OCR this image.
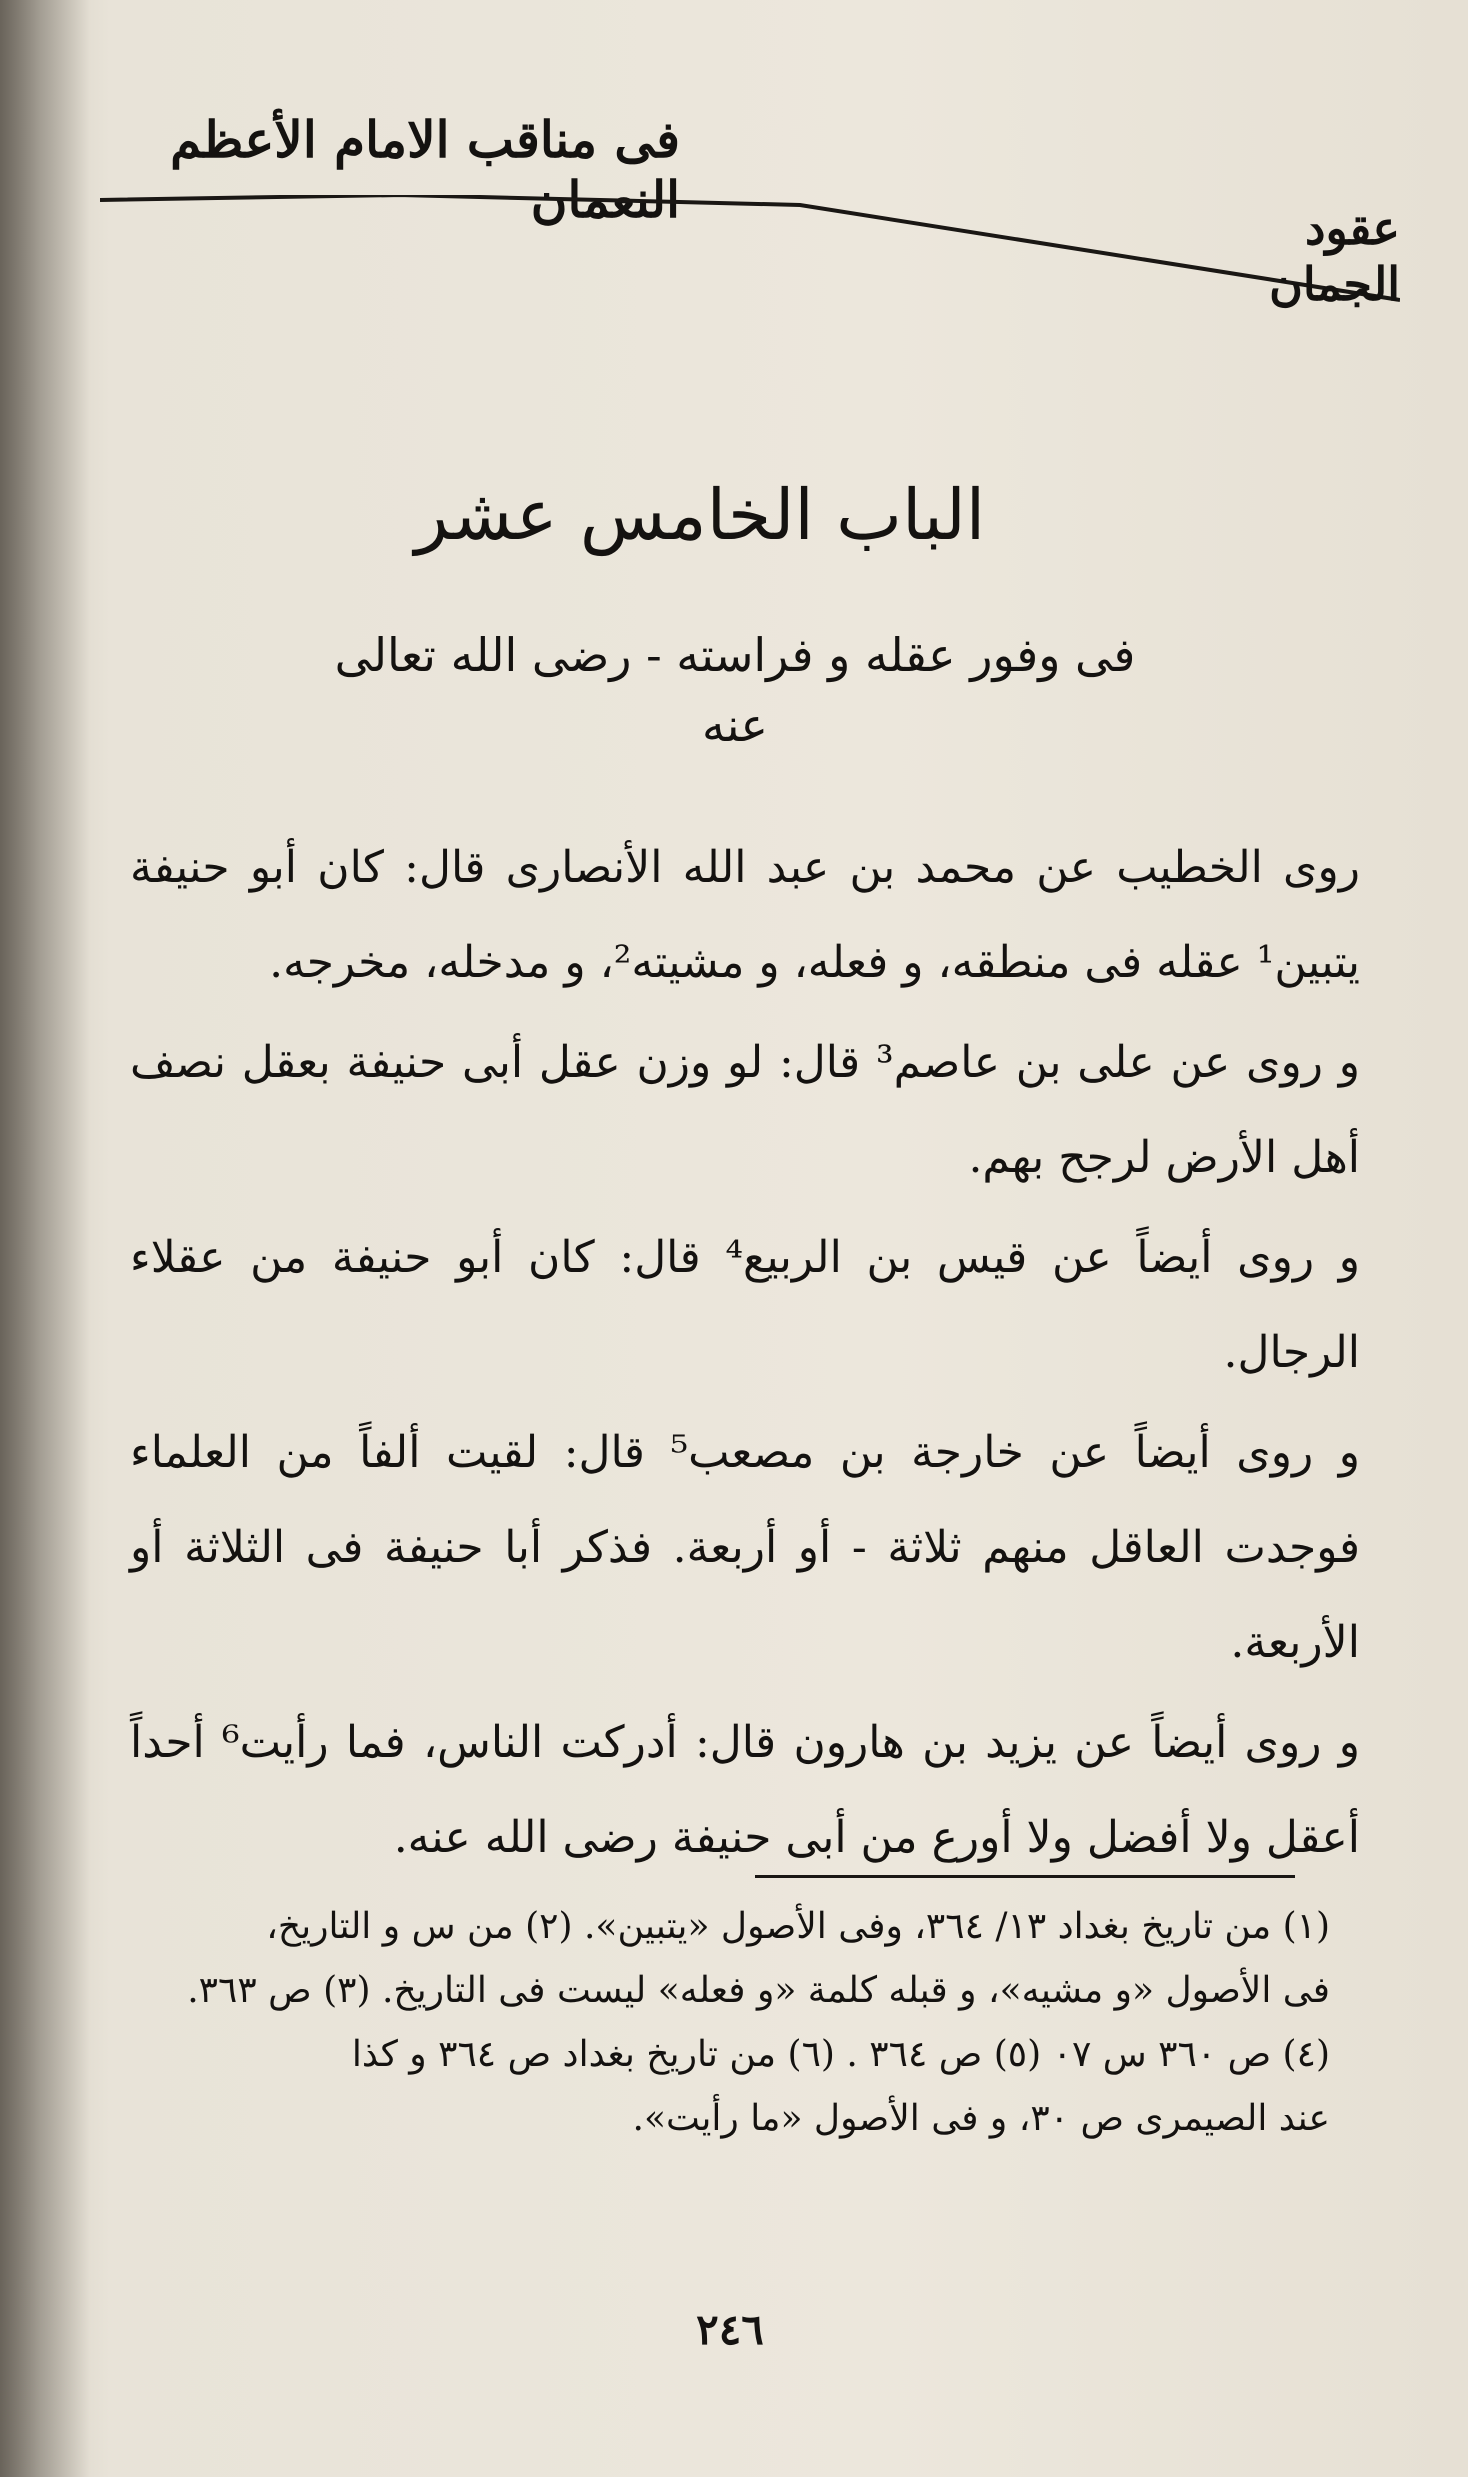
فى مناقب الامام الأعظم النعمان	عقود الجمان
الباب الخامس عشر
فى وفور عقله و فراسته - رضى الله تعالى عنه

روى الخطيب عن محمد بن عبد الله الأنصارى قال: كان أبو حنيفة يتبين¹ عقله فى منطقه، و فعله، و مشيته²، و مدخله، مخرجه.

و روى عن على بن عاصم³ قال: لو وزن عقل أبى حنيفة بعقل نصف أهل الأرض لرجح بهم.

و روى أيضاً عن قيس بن الربيع⁴ قال: كان أبو حنيفة من عقلاء الرجال.

و روى أيضاً عن خارجة بن مصعب⁵ قال: لقيت ألفاً من العلماء فوجدت العاقل منهم ثلاثة - أو أربعة. فذكر أبا حنيفة فى الثلاثة أو الأربعة.

و روى أيضاً عن يزيد بن هارون قال: أدركت الناس، فما رأيت⁶ أحداً أعقل ولا أفضل ولا أورع من أبى حنيفة رضى الله عنه.

(١) من تاريخ بغداد ١٣/ ٣٦٤، وفى الأصول «يتبين». (٢) من س و التاريخ،

فى الأصول «و مشيه»، و قبله كلمة «و فعله» ليست فى التاريخ. (٣) ص ٣٦٣.

(٤) ص ٣٦٠ س ٠٧ (٥) ص ٣٦٤ . (٦) من تاريخ بغداد ص ٣٦٤ و كذا

عند الصيمرى ص ٣٠، و فى الأصول «ما رأيت».

٢٤٦
